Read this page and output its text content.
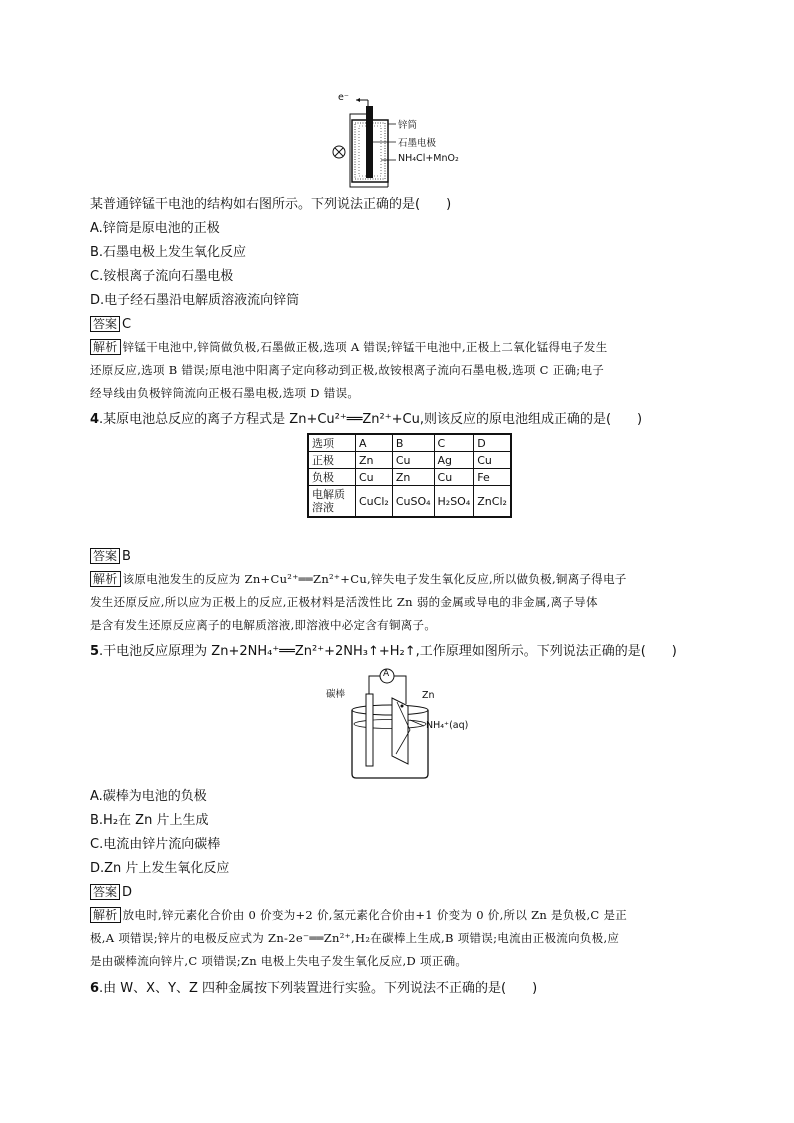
e⁻
锌筒
石墨电极
NH₄Cl+MnO₂
某普通锌锰干电池的结构如右图所示。下列说法正确的是(　　)
A.锌筒是原电池的正极
B.石墨电极上发生氧化反应
C.铵根离子流向石墨电极
D.电子经石墨沿电解质溶液流向锌筒
答案 C
解析 锌锰干电池中,锌筒做负极,石墨做正极,选项 A 错误;锌锰干电池中,正极上二氧化锰得电子发生
还原反应,选项 B 错误;原电池中阳离子定向移动到正极,故铵根离子流向石墨电极,选项 C 正确;电子
经导线由负极锌筒流向正极石墨电极,选项 D 错误。
4.某原电池总反应的离子方程式是 Zn+Cu²⁺══Zn²⁺+Cu,则该反应的原电池组成正确的是(　　)
选项	A	B	C	D
正极	Zn	Cu	Ag	Cu
负极	Cu	Zn	Cu	Fe
电解质溶液	CuCl₂	CuSO₄	H₂SO₄	ZnCl₂
答案 B
解析 该原电池发生的反应为 Zn+Cu²⁺══Zn²⁺+Cu,锌失电子发生氧化反应,所以做负极,铜离子得电子
发生还原反应,所以应为正极上的反应,正极材料是活泼性比 Zn 弱的金属或导电的非金属,离子导体
是含有发生还原反应离子的电解质溶液,即溶液中必定含有铜离子。
5.干电池反应原理为 Zn+2NH₄⁺══Zn²⁺+2NH₃↑+H₂↑,工作原理如图所示。下列说法正确的是(　　)
A
碳棒	Zn
NH₄⁺(aq)
A.碳棒为电池的负极
B.H₂在 Zn 片上生成
C.电流由锌片流向碳棒
D.Zn 片上发生氧化反应
答案 D
解析 放电时,锌元素化合价由 0 价变为+2 价,氢元素化合价由+1 价变为 0 价,所以 Zn 是负极,C 是正
极,A 项错误;锌片的电极反应式为 Zn-2e⁻══Zn²⁺,H₂在碳棒上生成,B 项错误;电流由正极流向负极,应
是由碳棒流向锌片,C 项错误;Zn 电极上失电子发生氧化反应,D 项正确。
6.由 W、X、Y、Z 四种金属按下列装置进行实验。下列说法不正确的是(　　)
